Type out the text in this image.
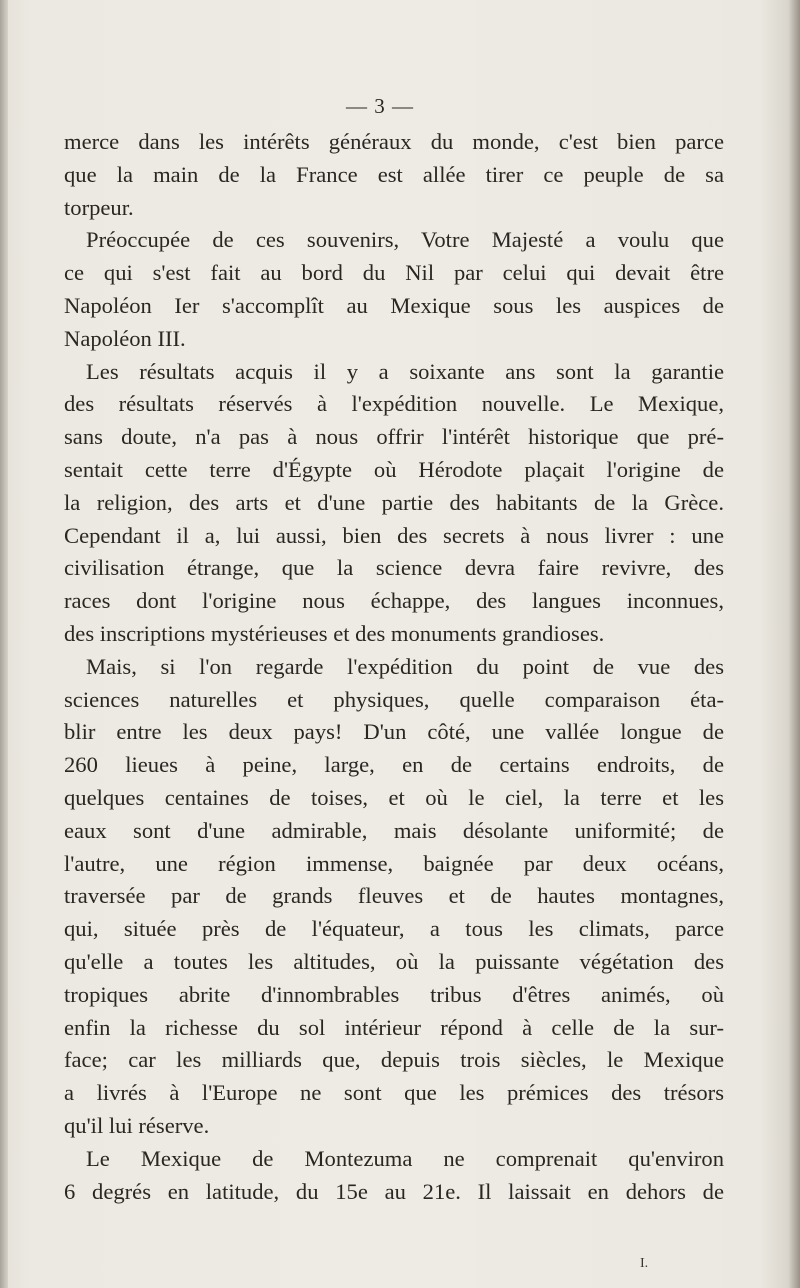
— 3 —
merce dans les intérêts généraux du monde, c'est bien parce
que la main de la France est allée tirer ce peuple de sa
torpeur.
Préoccupée de ces souvenirs, Votre Majesté a voulu que
ce qui s'est fait au bord du Nil par celui qui devait être
Napoléon Ier s'accomplît au Mexique sous les auspices de
Napoléon III.
Les résultats acquis il y a soixante ans sont la garantie
des résultats réservés à l'expédition nouvelle. Le Mexique,
sans doute, n'a pas à nous offrir l'intérêt historique que pré-
sentait cette terre d'Égypte où Hérodote plaçait l'origine de
la religion, des arts et d'une partie des habitants de la Grèce.
Cependant il a, lui aussi, bien des secrets à nous livrer : une
civilisation étrange, que la science devra faire revivre, des
races dont l'origine nous échappe, des langues inconnues,
des inscriptions mystérieuses et des monuments grandioses.
Mais, si l'on regarde l'expédition du point de vue des
sciences naturelles et physiques, quelle comparaison éta-
blir entre les deux pays! D'un côté, une vallée longue de
260 lieues à peine, large, en de certains endroits, de
quelques centaines de toises, et où le ciel, la terre et les
eaux sont d'une admirable, mais désolante uniformité; de
l'autre, une région immense, baignée par deux océans,
traversée par de grands fleuves et de hautes montagnes,
qui, située près de l'équateur, a tous les climats, parce
qu'elle a toutes les altitudes, où la puissante végétation des
tropiques abrite d'innombrables tribus d'êtres animés, où
enfin la richesse du sol intérieur répond à celle de la sur-
face; car les milliards que, depuis trois siècles, le Mexique
a livrés à l'Europe ne sont que les prémices des trésors
qu'il lui réserve.
Le Mexique de Montezuma ne comprenait qu'environ
6 degrés en latitude, du 15e au 21e. Il laissait en dehors de
I.
